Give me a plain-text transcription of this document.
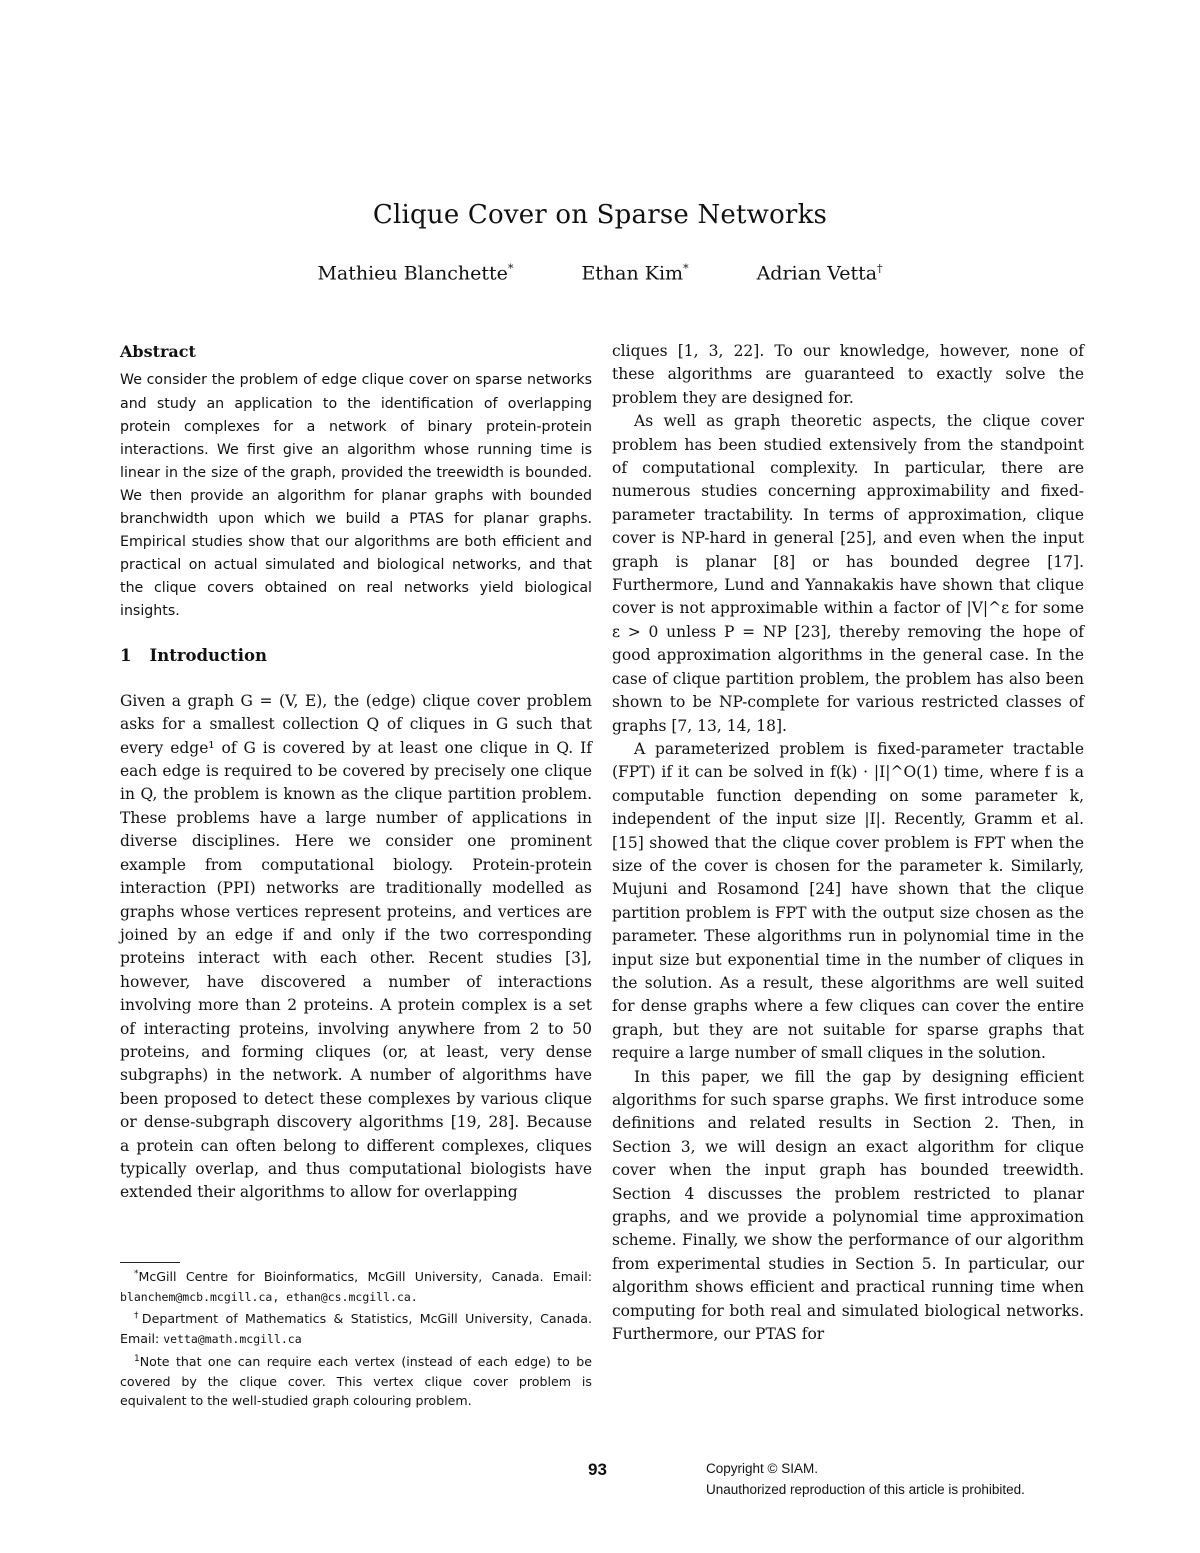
Clique Cover on Sparse Networks
Mathieu Blanchette*	Ethan Kim*	Adrian Vetta†
Abstract

We consider the problem of edge clique cover on sparse networks and study an application to the identification of overlapping protein complexes for a network of binary protein-protein interactions. We first give an algorithm whose running time is linear in the size of the graph, provided the treewidth is bounded. We then provide an algorithm for planar graphs with bounded branchwidth upon which we build a PTAS for planar graphs. Empirical studies show that our algorithms are both efficient and practical on actual simulated and biological networks, and that the clique covers obtained on real networks yield biological insights.

1 Introduction

Given a graph G = (V, E), the (edge) clique cover problem asks for a smallest collection Q of cliques in G such that every edge¹ of G is covered by at least one clique in Q. If each edge is required to be covered by precisely one clique in Q, the problem is known as the clique partition problem. These problems have a large number of applications in diverse disciplines. Here we consider one prominent example from computational biology. Protein-protein interaction (PPI) networks are traditionally modelled as graphs whose vertices represent proteins, and vertices are joined by an edge if and only if the two corresponding proteins interact with each other. Recent studies [3], however, have discovered a number of interactions involving more than 2 proteins. A protein complex is a set of interacting proteins, involving anywhere from 2 to 50 proteins, and forming cliques (or, at least, very dense subgraphs) in the network. A number of algorithms have been proposed to detect these complexes by various clique or dense-subgraph discovery algorithms [19, 28]. Because a protein can often belong to different complexes, cliques typically overlap, and thus computational biologists have extended their algorithms to allow for overlapping

cliques [1, 3, 22]. To our knowledge, however, none of these algorithms are guaranteed to exactly solve the problem they are designed for.

As well as graph theoretic aspects, the clique cover problem has been studied extensively from the standpoint of computational complexity. In particular, there are numerous studies concerning approximability and fixed-parameter tractability. In terms of approximation, clique cover is NP-hard in general [25], and even when the input graph is planar [8] or has bounded degree [17]. Furthermore, Lund and Yannakakis have shown that clique cover is not approximable within a factor of |V|^ε for some ε > 0 unless P = NP [23], thereby removing the hope of good approximation algorithms in the general case. In the case of clique partition problem, the problem has also been shown to be NP-complete for various restricted classes of graphs [7, 13, 14, 18].

A parameterized problem is fixed-parameter tractable (FPT) if it can be solved in f(k) · |I|^O(1) time, where f is a computable function depending on some parameter k, independent of the input size |I|. Recently, Gramm et al. [15] showed that the clique cover problem is FPT when the size of the cover is chosen for the parameter k. Similarly, Mujuni and Rosamond [24] have shown that the clique partition problem is FPT with the output size chosen as the parameter. These algorithms run in polynomial time in the input size but exponential time in the number of cliques in the solution. As a result, these algorithms are well suited for dense graphs where a few cliques can cover the entire graph, but they are not suitable for sparse graphs that require a large number of small cliques in the solution.

In this paper, we fill the gap by designing efficient algorithms for such sparse graphs. We first introduce some definitions and related results in Section 2. Then, in Section 3, we will design an exact algorithm for clique cover when the input graph has bounded treewidth. Section 4 discusses the problem restricted to planar graphs, and we provide a polynomial time approximation scheme. Finally, we show the performance of our algorithm from experimental studies in Section 5. In particular, our algorithm shows efficient and practical running time when computing for both real and simulated biological networks. Furthermore, our PTAS for

*McGill Centre for Bioinformatics, McGill University, Canada. Email: blanchem@mcb.mcgill.ca, ethan@cs.mcgill.ca.

†Department of Mathematics & Statistics, McGill University, Canada. Email: vetta@math.mcgill.ca

$^1$Note that one can require each vertex (instead of each edge) to be covered by the clique cover. This vertex clique cover problem is equivalent to the well-studied graph colouring problem.

93	Copyright © SIAM.
Unauthorized reproduction of this article is prohibited.
